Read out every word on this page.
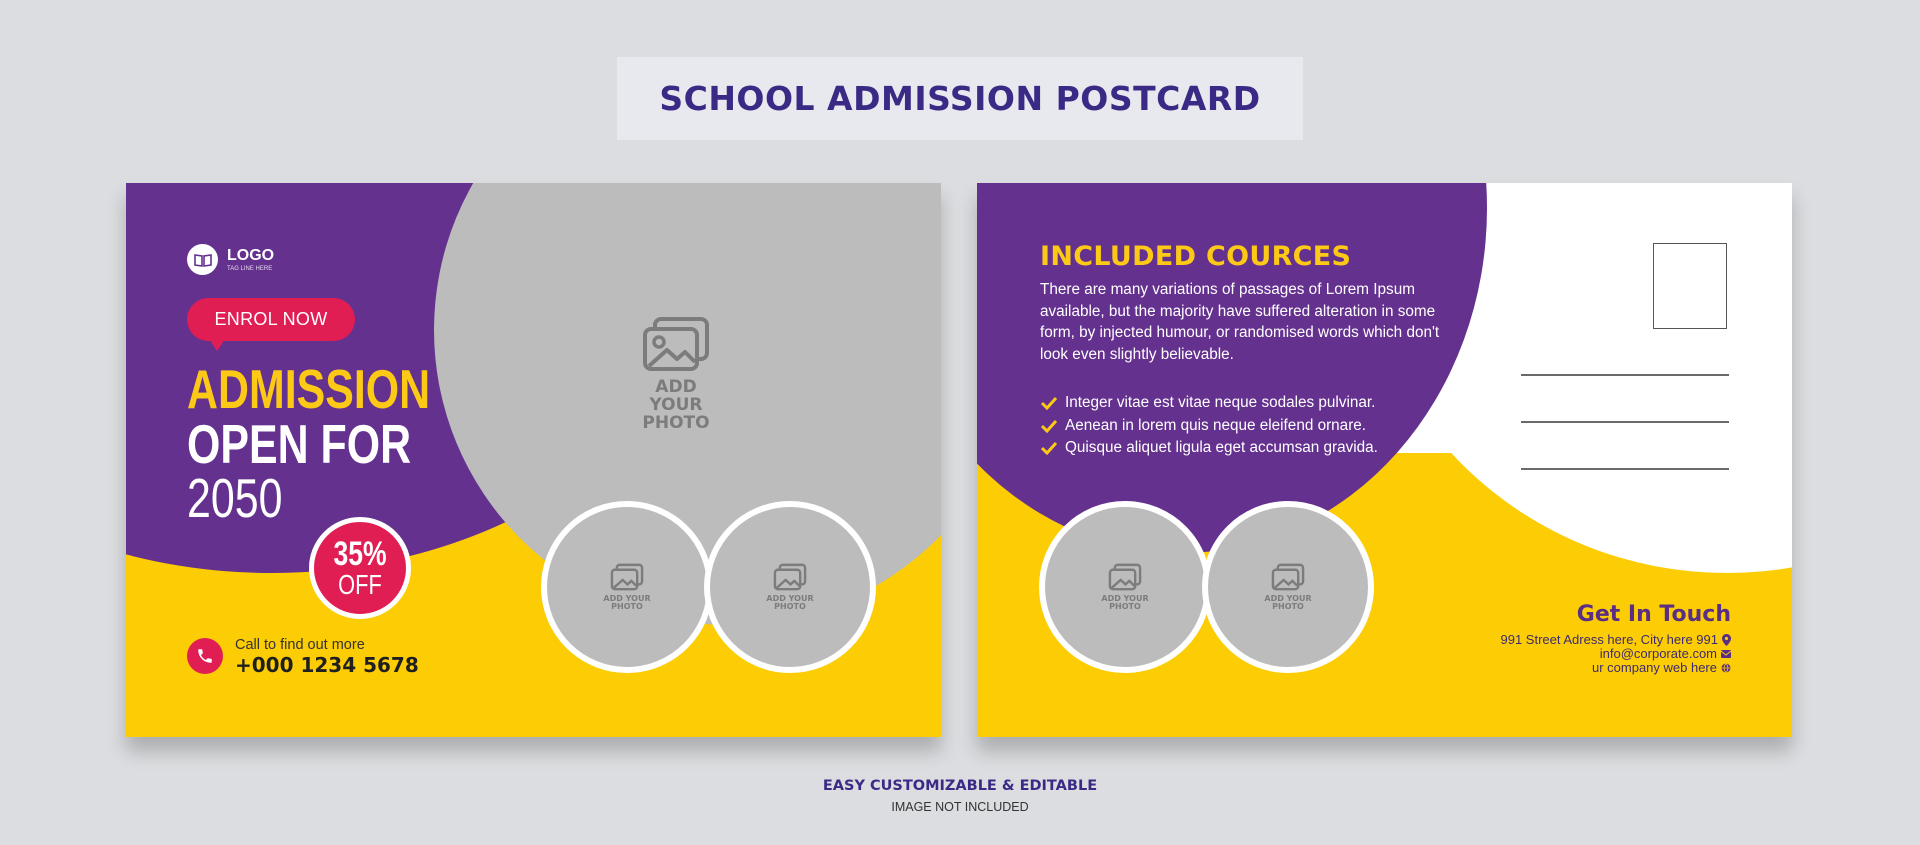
SCHOOL ADMISSION POSTCARD
ADD YOUR
PHOTO
ADD YOUR
PHOTO
ADD YOUR
PHOTO
LOGO
TAG LINE HERE
ENROL NOW
ADMISSION
OPEN FOR
2050
35%
OFF
Call to find out more
+000 1234 5678
INCLUDED COURCES
There are many variations of passages of Lorem Ipsum available, but the majority have suffered alteration in some form, by injected humour, or randomised words which don't look even slightly believable.
Integer vitae est vitae neque sodales pulvinar.
Aenean in lorem quis neque eleifend ornare.
Quisque aliquet ligula eget accumsan gravida.
ADD YOUR
PHOTO
ADD YOUR
PHOTO	Get In Touch
991 Street Adress here, City here 991
info@corporate.com
ur company web here
EASY CUSTOMIZABLE & EDITABLE
IMAGE NOT INCLUDED
